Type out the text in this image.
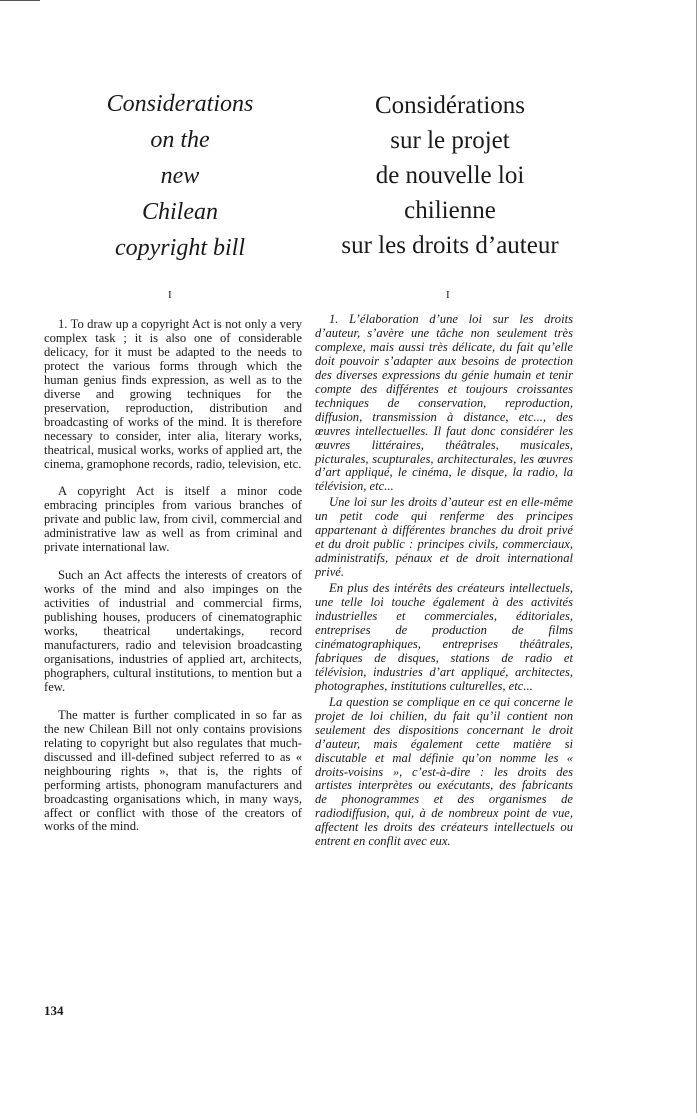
Considerations
on the
new
Chilean
copyright bill
Considérations
sur le projet
de nouvelle loi
chilienne
sur les droits d’auteur
I	I

1. To draw up a copyright Act is not only a very complex task ; it is also one of considerable delicacy, for it must be adapted to the needs to protect the various forms through which the human genius finds expression, as well as to the diverse and growing techniques for the preservation, reproduction, distribution and broadcasting of works of the mind. It is therefore necessary to consider, inter alia, literary works, theatrical, musical works, works of applied art, the cinema, gramophone records, radio, television, etc.

A copyright Act is itself a minor code embracing principles from various branches of private and public law, from civil, commercial and administrative law as well as from criminal and private international law.

Such an Act affects the interests of creators of works of the mind and also impinges on the activities of industrial and commercial firms, publishing houses, producers of cinematographic works, theatrical undertakings, record manufacturers, radio and television broadcasting organisations, industries of applied art, architects, phographers, cultural institutions, to mention but a few.

The matter is further complicated in so far as the new Chilean Bill not only contains provisions relating to copyright but also regulates that much-discussed and ill-defined subject referred to as « neighbouring rights », that is, the rights of performing artists, phonogram manufacturers and broadcasting organisations which, in many ways, affect or conflict with those of the creators of works of the mind.

1. L’élaboration d’une loi sur les droits d’auteur, s’avère une tâche non seulement très complexe, mais aussi très délicate, du fait qu’elle doit pouvoir s’adapter aux besoins de protection des diverses expressions du génie humain et tenir compte des différentes et toujours croissantes techniques de conservation, reproduction, diffusion, transmission à distance, etc..., des œuvres intellectuelles. Il faut donc considérer les œuvres littéraires, théâtrales, musicales, picturales, scupturales, architecturales, les œuvres d’art appliqué, le cinéma, le disque, la radio, la télévision, etc...

Une loi sur les droits d’auteur est en elle-même un petit code qui renferme des principes appartenant à différentes branches du droit privé et du droit public : principes civils, commerciaux, administratifs, pénaux et de droit international privé.

En plus des intérêts des créateurs intellectuels, une telle loi touche également à des activités industrielles et commerciales, éditoriales, entreprises de production de films cinématographiques, entreprises théâtrales, fabriques de disques, stations de radio et télévision, industries d’art appliqué, architectes, photographes, institutions culturelles, etc...

La question se complique en ce qui concerne le projet de loi chilien, du fait qu’il contient non seulement des dispositions concernant le droit d’auteur, mais également cette matière si discutable et mal définie qu’on nomme les « droits-voisins », c’est-à-dire : les droits des artistes interprètes ou exécutants, des fabricants de phonogrammes et des organismes de radiodiffusion, qui, à de nombreux point de vue, affectent les droits des créateurs intellectuels ou entrent en conflit avec eux.

134
